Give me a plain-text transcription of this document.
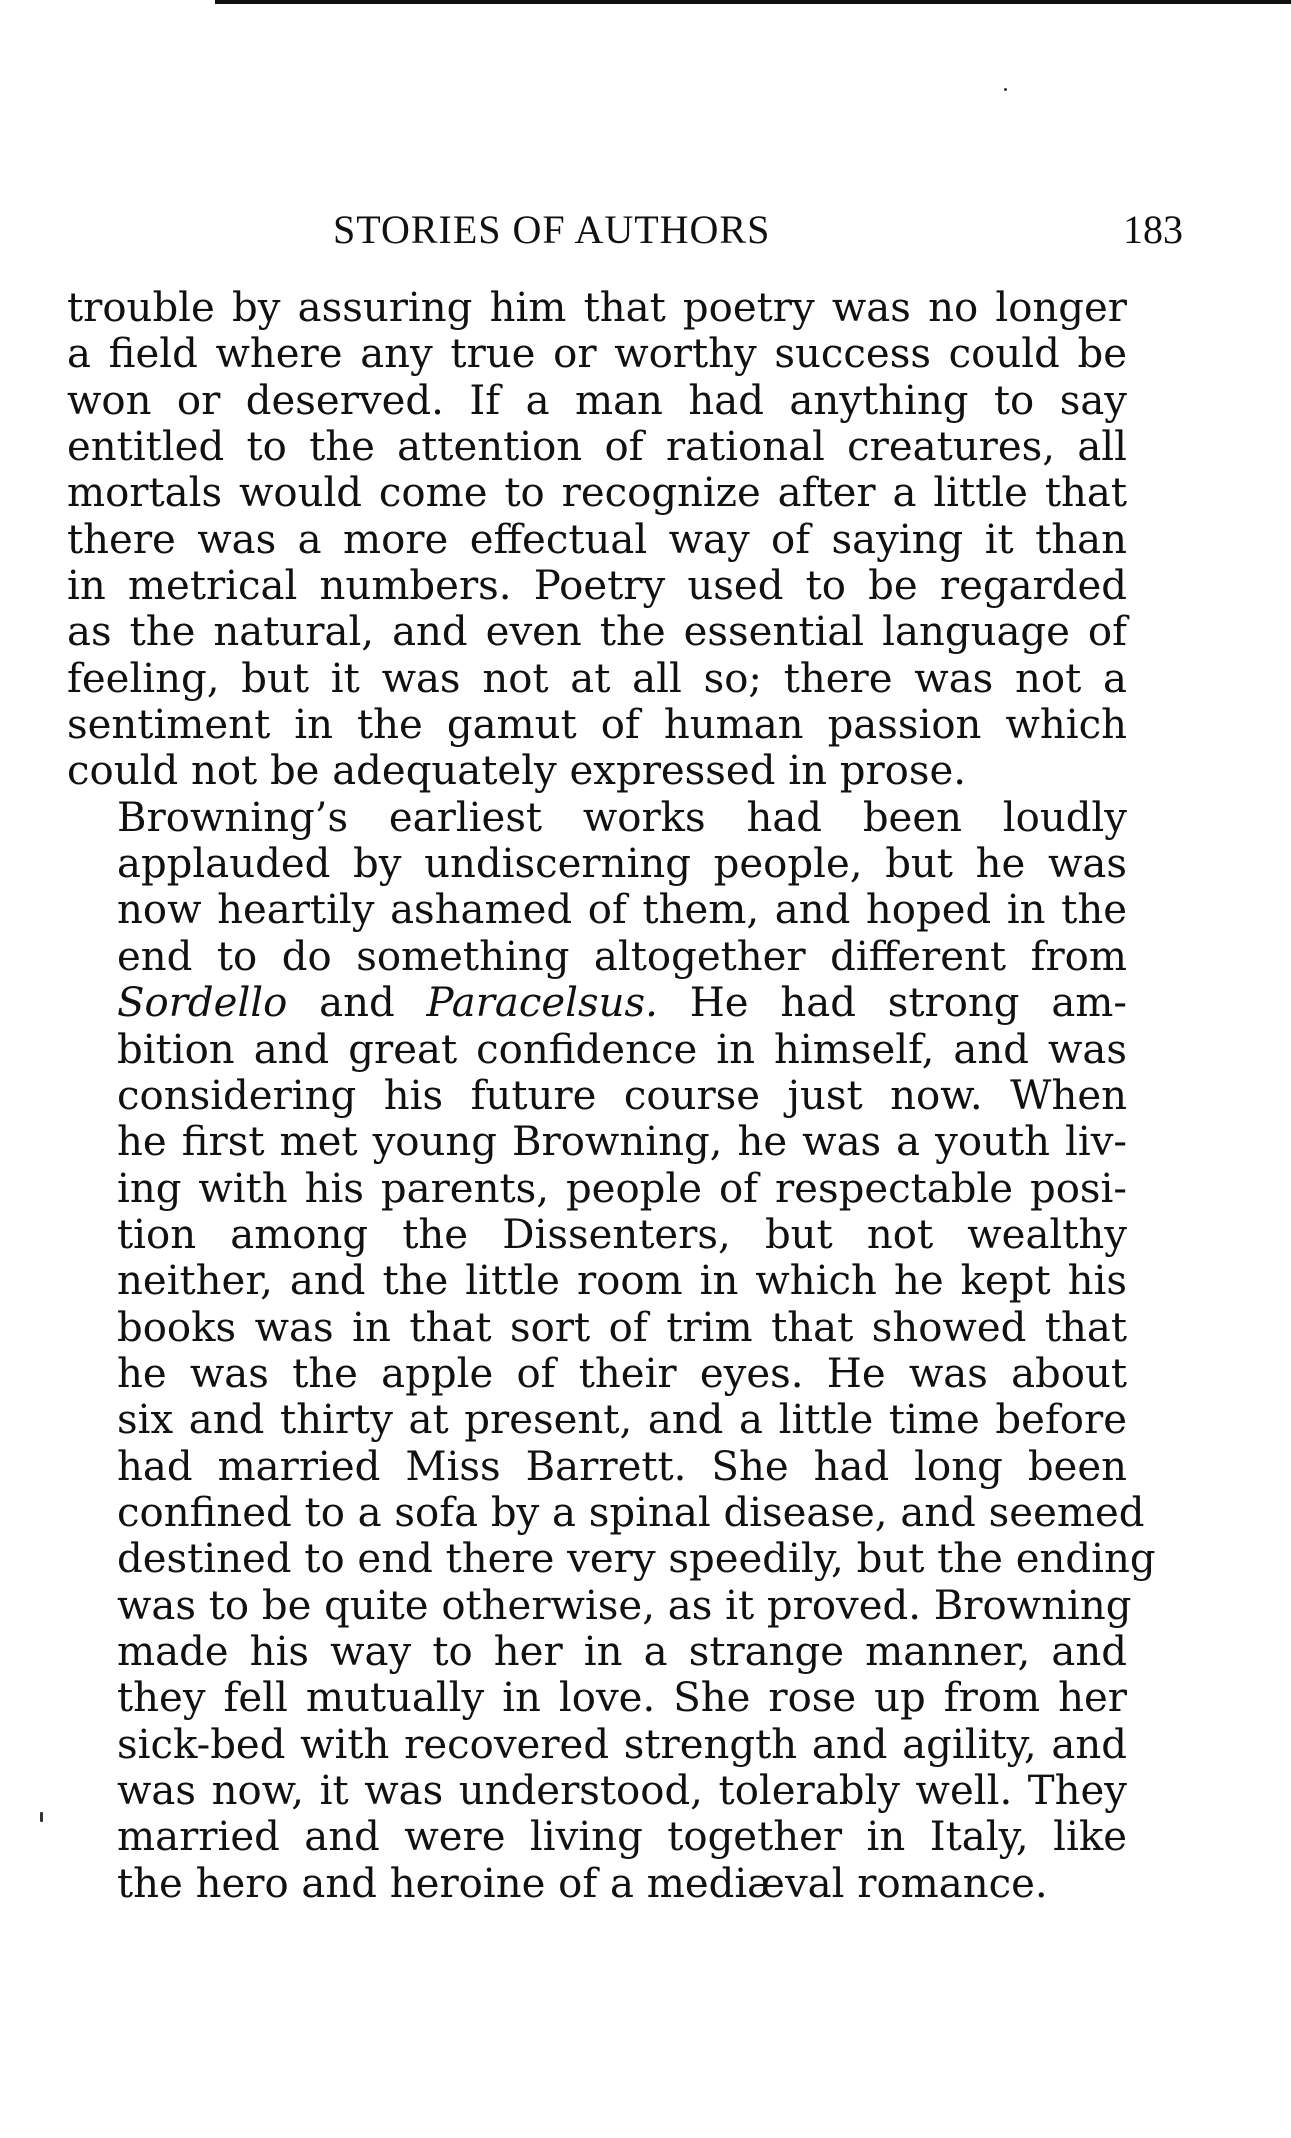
STORIES OF AUTHORS	183

trouble by assuring him that poetry was no longer
a field where any true or worthy success could be
won or deserved. If a man had anything to say
entitled to the attention of rational creatures, all
mortals would come to recognize after a little that
there was a more effectual way of saying it than
in metrical numbers. Poetry used to be regarded
as the natural, and even the essential language of
feeling, but it was not at all so; there was not a
sentiment in the gamut of human passion which
could not be adequately expressed in prose.

Browning’s earliest works had been loudly
applauded by undiscerning people, but he was
now heartily ashamed of them, and hoped in the
end to do something altogether different from
Sordello and Paracelsus. He had strong am-
bition and great confidence in himself, and was
considering his future course just now. When
he first met young Browning, he was a youth liv-
ing with his parents, people of respectable posi-
tion among the Dissenters, but not wealthy
neither, and the little room in which he kept his
books was in that sort of trim that showed that
he was the apple of their eyes. He was about
six and thirty at present, and a little time before
had married Miss Barrett. She had long been
confined to a sofa by a spinal disease, and seemed
destined to end there very speedily, but the ending
was to be quite otherwise, as it proved. Browning
made his way to her in a strange manner, and
they fell mutually in love. She rose up from her
sick-bed with recovered strength and agility, and
was now, it was understood, tolerably well. They
married and were living together in Italy, like
the hero and heroine of a mediæval romance.
